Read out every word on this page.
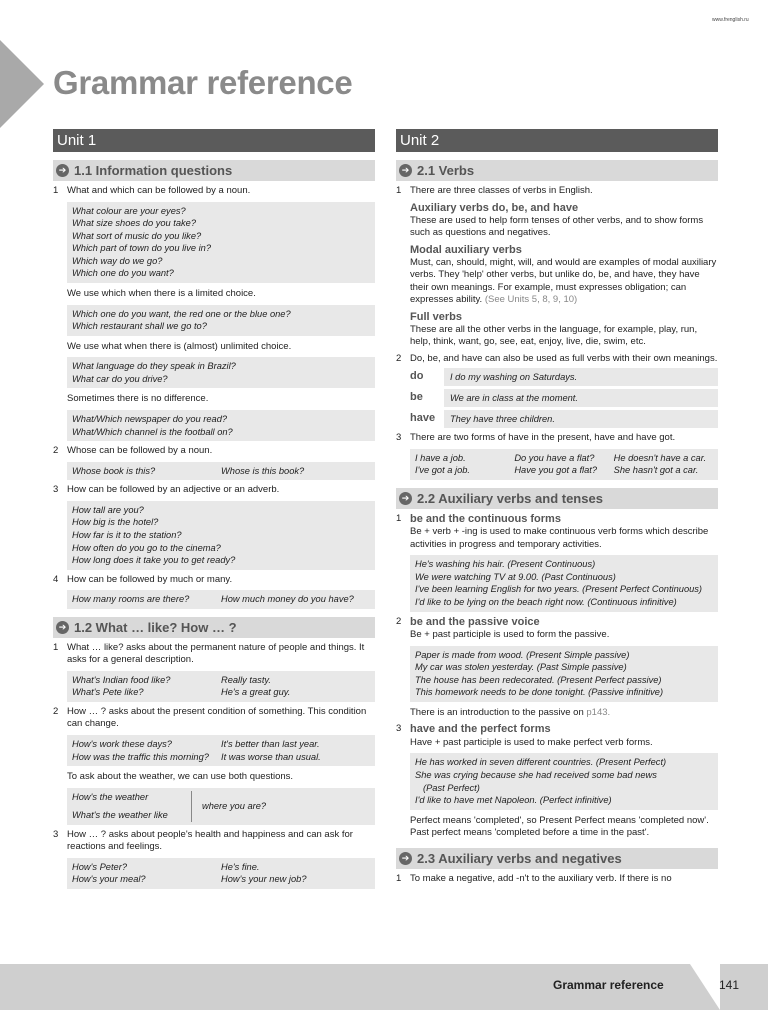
www.frenglish.ru
Grammar reference
Unit 1
➔ 1.1 Information questions
1 What and which can be followed by a noun.
What colour are your eyes?
What size shoes do you take?
What sort of music do you like?
Which part of town do you live in?
Which way do we go?
Which one do you want?
We use which when there is a limited choice.
Which one do you want, the red one or the blue one?
Which restaurant shall we go to?
We use what when there is (almost) unlimited choice.
What language do they speak in Brazil?
What car do you drive?
Sometimes there is no difference.
What/Which newspaper do you read?
What/Which channel is the football on?
2 Whose can be followed by a noun.
Whose book is this?	Whose is this book?
3 How can be followed by an adjective or an adverb.
How tall are you?
How big is the hotel?
How far is it to the station?
How often do you go to the cinema?
How long does it take you to get ready?
4 How can be followed by much or many.
How many rooms are there?	How much money do you have?
➔ 1.2 What … like? How … ?
1 What … like? asks about the permanent nature of people and things. It asks for a general description.
What's Indian food like?	Really tasty.
What's Pete like?	He's a great guy.
2 How … ? asks about the present condition of something. This condition can change.
How's work these days?	It's better than last year.
How was the traffic this morning?	It was worse than usual.
To ask about the weather, we can use both questions.
How's the weather
What's the weather like
where you are?
3 How … ? asks about people's health and happiness and can ask for reactions and feelings.
How's Peter?	He's fine.
How's your meal?	How's your new job?
Unit 2
➔ 2.1 Verbs
1 There are three classes of verbs in English.
Auxiliary verbs do, be, and have
These are used to help form tenses of other verbs, and to show forms such as questions and negatives.
Modal auxiliary verbs
Must, can, should, might, will, and would are examples of modal auxiliary verbs. They 'help' other verbs, but unlike do, be, and have, they have their own meanings. For example, must expresses obligation; can expresses ability. (See Units 5, 8, 9, 10)
Full verbs
These are all the other verbs in the language, for example, play, run, help, think, want, go, see, eat, enjoy, live, die, swim, etc.
2 Do, be, and have can also be used as full verbs with their own meanings.
do	I do my washing on Saturdays.
be	We are in class at the moment.
have	They have three children.
3 There are two forms of have in the present, have and have got.
I have a job.	Do you have a flat?	He doesn't have a car.
I've got a job.	Have you got a flat?	She hasn't got a car.
➔ 2.2 Auxiliary verbs and tenses
1 be and the continuous forms
Be + verb + -ing is used to make continuous verb forms which describe activities in progress and temporary activities.
He's washing his hair. (Present Continuous)
We were watching TV at 9.00. (Past Continuous)
I've been learning English for two years. (Present Perfect Continuous)
I'd like to be lying on the beach right now. (Continuous infinitive)
2 be and the passive voice
Be + past participle is used to form the passive.
Paper is made from wood. (Present Simple passive)
My car was stolen yesterday. (Past Simple passive)
The house has been redecorated. (Present Perfect passive)
This homework needs to be done tonight. (Passive infinitive)
There is an introduction to the passive on p143.
3 have and the perfect forms
Have + past participle is used to make perfect verb forms.
He has worked in seven different countries. (Present Perfect)
She was crying because she had received some bad news
(Past Perfect)
I'd like to have met Napoleon. (Perfect infinitive)
Perfect means 'completed', so Present Perfect means 'completed now'. Past perfect means 'completed before a time in the past'.
➔ 2.3 Auxiliary verbs and negatives
1 To make a negative, add -n't to the auxiliary verb. If there is no
Grammar reference	141
